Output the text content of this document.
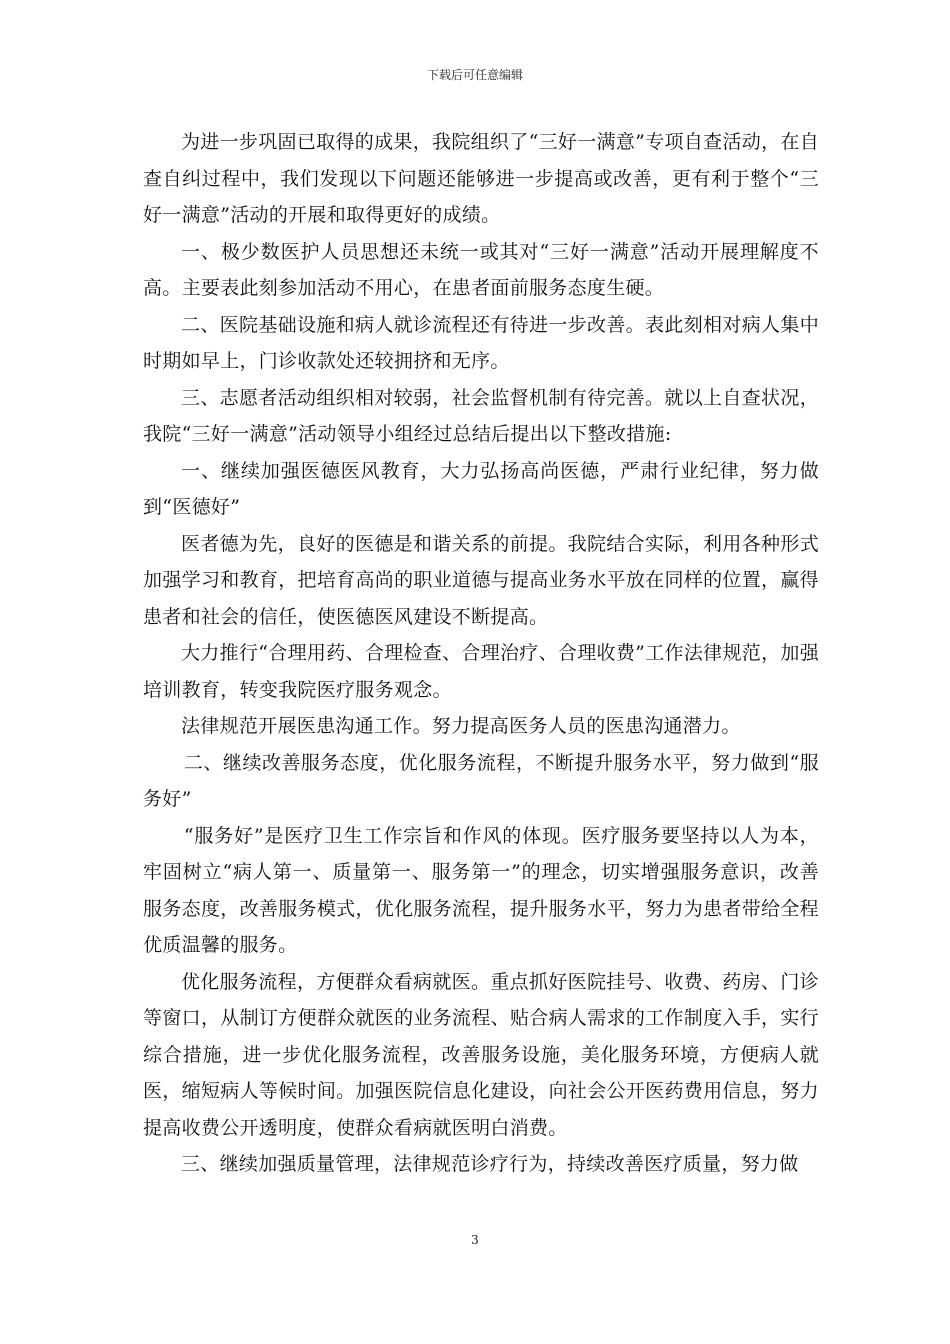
下载后可任意编辑

为进一步巩固已取得的成果，我院组织了“三好一满意”专项自查活动，在自查自纠过程中，我们发现以下问题还能够进一步提高或改善，更有利于整个“三好一满意”活动的开展和取得更好的成绩。

一、极少数医护人员思想还未统一或其对“三好一满意”活动开展理解度不高。主要表此刻参加活动不用心，在患者面前服务态度生硬。

二、医院基础设施和病人就诊流程还有待进一步改善。表此刻相对病人集中时期如早上，门诊收款处还较拥挤和无序。

三、志愿者活动组织相对较弱，社会监督机制有待完善。就以上自查状况，我院“三好一满意”活动领导小组经过总结后提出以下整改措施:

一、继续加强医德医风教育，大力弘扬高尚医德，严肃行业纪律，努力做到“医德好”

医者德为先，良好的医德是和谐关系的前提。我院结合实际，利用各种形式加强学习和教育，把培育高尚的职业道德与提高业务水平放在同样的位置，赢得患者和社会的信任，使医德医风建设不断提高。

大力推行“合理用药、合理检查、合理治疗、合理收费”工作法律规范，加强培训教育，转变我院医疗服务观念。

法律规范开展医患沟通工作。努力提高医务人员的医患沟通潜力。

二、继续改善服务态度，优化服务流程，不断提升服务水平，努力做到“服务好”

“服务好”是医疗卫生工作宗旨和作风的体现。医疗服务要坚持以人为本，牢固树立“病人第一、质量第一、服务第一”的理念，切实增强服务意识，改善服务态度，改善服务模式，优化服务流程，提升服务水平，努力为患者带给全程优质温馨的服务。

优化服务流程，方便群众看病就医。重点抓好医院挂号、收费、药房、门诊等窗口，从制订方便群众就医的业务流程、贴合病人需求的工作制度入手，实行综合措施，进一步优化服务流程，改善服务设施，美化服务环境，方便病人就医，缩短病人等候时间。加强医院信息化建设，向社会公开医药费用信息，努力提高收费公开透明度，使群众看病就医明白消费。

三、继续加强质量管理，法律规范诊疗行为，持续改善医疗质量，努力做

3
